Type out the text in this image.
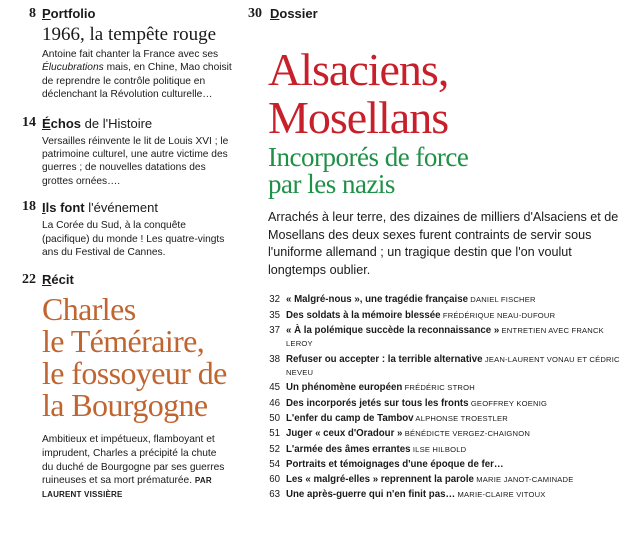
8 Portfolio
1966, la tempête rouge
Antoine fait chanter la France avec ses Élucubrations mais, en Chine, Mao choisit de reprendre le contrôle politique en déclenchant la Révolution culturelle…
14 Échos de l'Histoire
Versailles réinvente le lit de Louis XVI ; le patrimoine culturel, une autre victime des guerres ; de nouvelles datations des grottes ornées….
18 Ils font l'événement
La Corée du Sud, à la conquête (pacifique) du monde ! Les quatre-vingts ans du Festival de Cannes.
22 Récit
Charles
le Téméraire,
le fossoyeur de
la Bourgogne
Ambitieux et impétueux, flamboyant et imprudent, Charles a précipité la chute du duché de Bourgogne par ses guerres ruineuses et sa mort prématurée. PAR LAURENT VISSIÈRE
30 Dossier
Alsaciens,
Mosellans
Incorporés de force
par les nazis
Arrachés à leur terre, des dizaines de milliers d'Alsaciens et de Mosellans des deux sexes furent contraints de servir sous l'uniforme allemand ; un tragique destin que l'on voulut longtemps oublier.
32 « Malgré-nous », une tragédie française DANIEL FISCHER
35 Des soldats à la mémoire blessée FRÉDÉRIQUE NEAU-DUFOUR
37 « À la polémique succède la reconnaissance » ENTRETIEN AVEC FRANCK LEROY
38 Refuser ou accepter : la terrible alternative JEAN-LAURENT VONAU ET CÉDRIC NEVEU
45 Un phénomène européen FRÉDÉRIC STROH
46 Des incorporés jetés sur tous les fronts GEOFFREY KOENIG
50 L'enfer du camp de Tambov ALPHONSE TROESTLER
51 Juger « ceux d'Oradour » BÉNÉDICTE VERGEZ-CHAIGNON
52 L'armée des âmes errantes ILSE HILBOLD
54 Portraits et témoignages d'une époque de fer…
60 Les « malgré-elles » reprennent la parole MARIE JANOT-CAMINADE
63 Une après-guerre qui n'en finit pas… MARIE-CLAIRE VITOUX
